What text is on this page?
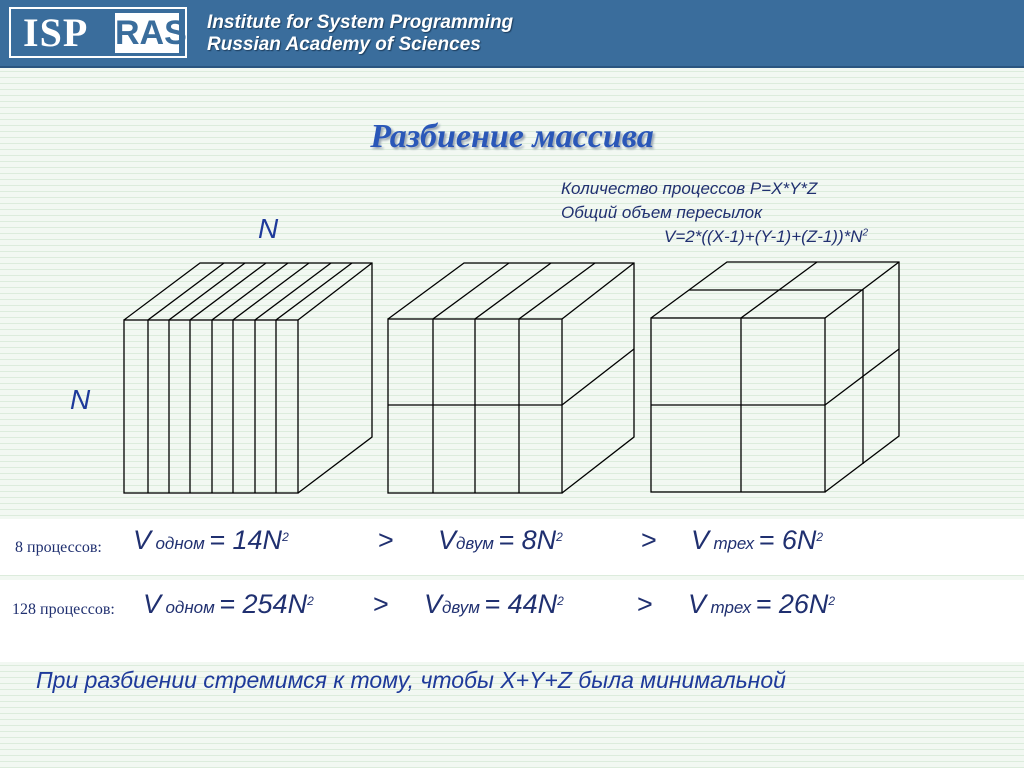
ISP RAS Institute for System Programming
Russian Academy of Sciences
Разбиение массива
Количество процессов P=X*Y*Z
Общий объем пересылок
$V=2*((X-1)+(Y-1)+(Z-1))*N^2$
N
N
8 процессов: V одном = $14N^2$	> Vдвум = $8N^2$	> V трех = $6N^2$
128 процессов: V одном = $254N^2$ > Vдвум = $44N^2$	> V трех = $26N^2$
При разбиении стремимся к тому, чтобы X+Y+Z была минимальной
